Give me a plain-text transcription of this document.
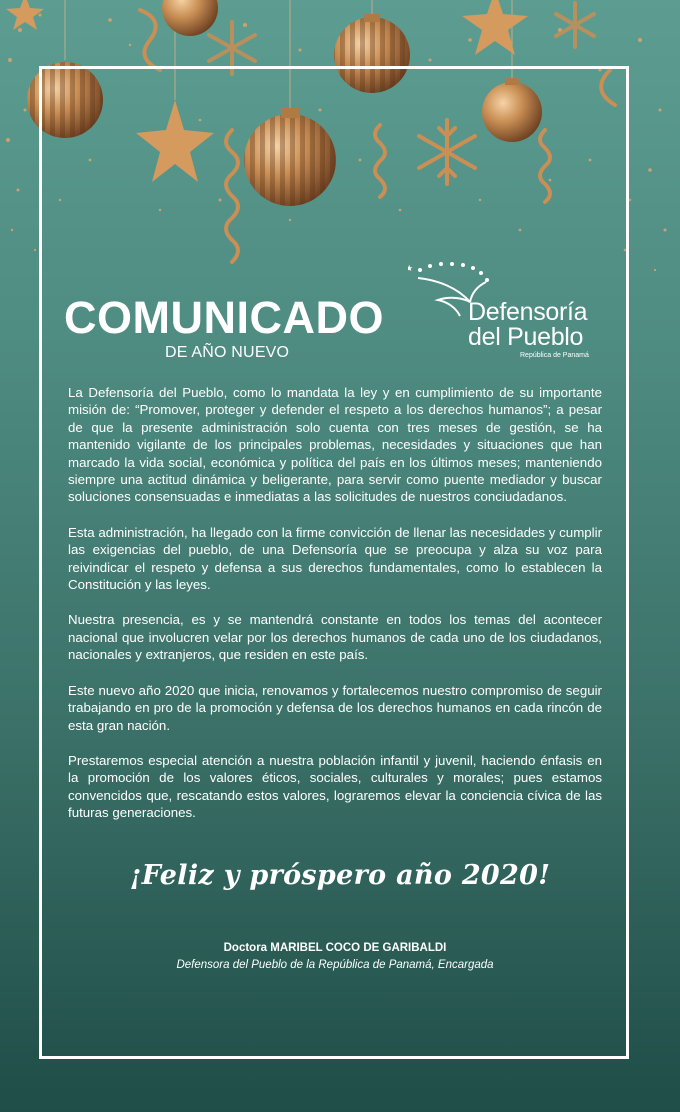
COMUNICADO
DE AÑO NUEVO
Defensoría
del Pueblo
República de Panamá

La Defensoría del Pueblo, como lo mandata la ley y en cumplimiento de su importante misión de: “Promover, proteger y defender el respeto a los derechos humanos”; a pesar de que la presente administración solo cuenta con tres meses de gestión, se ha mantenido vigilante de los principales problemas, necesidades y situaciones que han marcado la vida social, económica y política del país en los últimos meses; manteniendo siempre una actitud dinámica y beligerante, para servir como puente mediador y buscar soluciones consensuadas e inmediatas a las solicitudes de nuestros conciudadanos.

Esta administración, ha llegado con la firme convicción de llenar las necesidades y cumplir las exigencias del pueblo, de una Defensoría que se preocupa y alza su voz para reivindicar el respeto y defensa a sus derechos fundamentales, como lo establecen la Constitución y las leyes.

Nuestra presencia, es y se mantendrá constante en todos los temas del acontecer nacional que involucren velar por los derechos humanos de cada uno de los ciudadanos, nacionales y extranjeros, que residen en este país.

Este nuevo año 2020 que inicia, renovamos y fortalecemos nuestro compromiso de seguir trabajando en pro de la promoción y defensa de los derechos humanos en cada rincón de esta gran nación.

Prestaremos especial atención a nuestra población infantil y juvenil, haciendo énfasis en la promoción de los valores éticos, sociales, culturales y morales; pues estamos convencidos que, rescatando estos valores, lograremos elevar la conciencia cívica de las futuras generaciones.

¡Feliz y próspero año 2020!
Doctora MARIBEL COCO DE GARIBALDI
Defensora del Pueblo de la República de Panamá, Encargada
